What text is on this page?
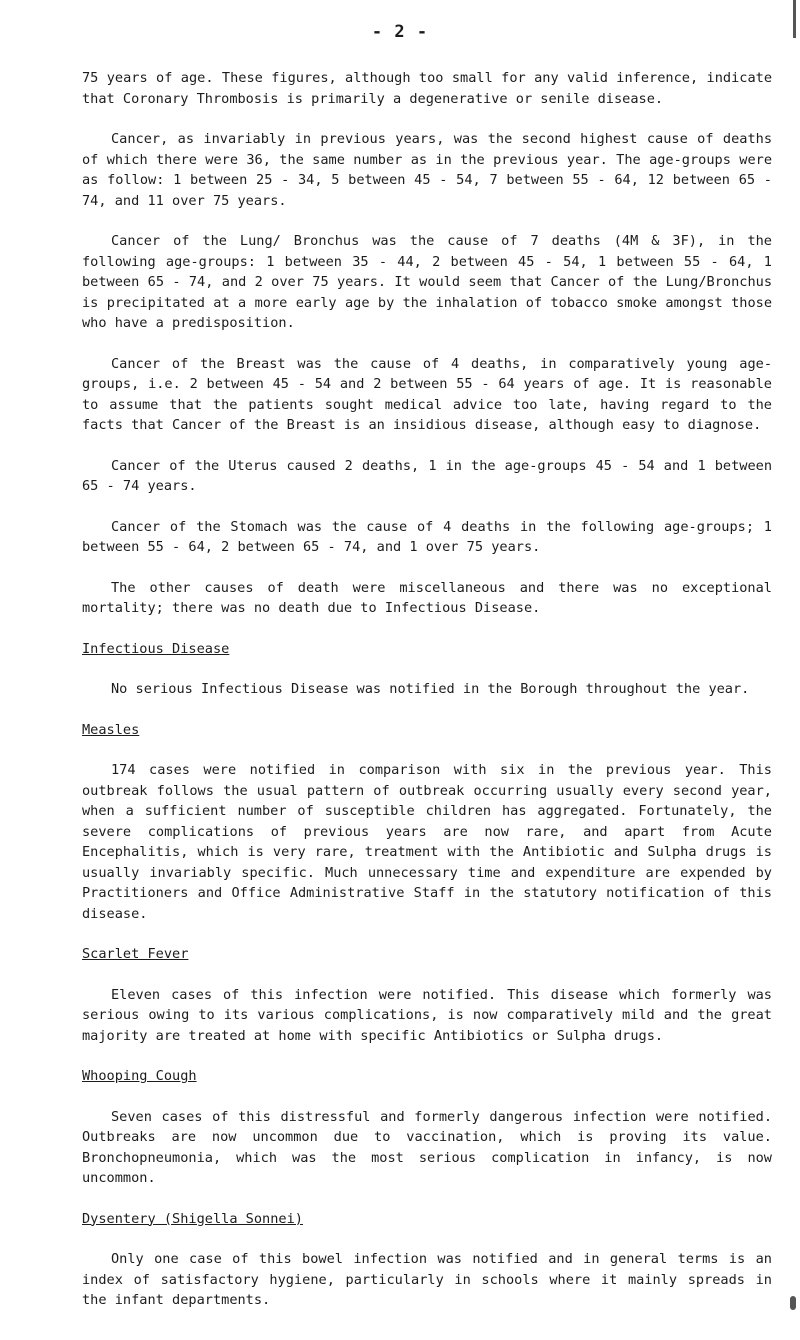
- 2 -

75 years of age. These figures, although too small for any valid inference, indicate that Coronary Thrombosis is primarily a degenerative or senile disease.

Cancer, as invariably in previous years, was the second highest cause of deaths of which there were 36, the same number as in the previous year. The age-groups were as follow: 1 between 25 - 34, 5 between 45 - 54, 7 between 55 - 64, 12 between 65 - 74, and 11 over 75 years.

Cancer of the Lung/ Bronchus was the cause of 7 deaths (4M & 3F), in the following age-groups: 1 between 35 - 44, 2 between 45 - 54, 1 between 55 - 64, 1 between 65 - 74, and 2 over 75 years. It would seem that Cancer of the Lung/Bronchus is precipitated at a more early age by the inhalation of tobacco smoke amongst those who have a predisposition.

Cancer of the Breast was the cause of 4 deaths, in comparatively young age-groups, i.e. 2 between 45 - 54 and 2 between 55 - 64 years of age. It is reasonable to assume that the patients sought medical advice too late, having regard to the facts that Cancer of the Breast is an insidious disease, although easy to diagnose.

Cancer of the Uterus caused 2 deaths, 1 in the age-groups 45 - 54 and 1 between 65 - 74 years.

Cancer of the Stomach was the cause of 4 deaths in the following age-groups; 1 between 55 - 64, 2 between 65 - 74, and 1 over 75 years.

The other causes of death were miscellaneous and there was no exceptional mortality; there was no death due to Infectious Disease.

Infectious Disease

No serious Infectious Disease was notified in the Borough throughout the year.

Measles

174 cases were notified in comparison with six in the previous year. This outbreak follows the usual pattern of outbreak occurring usually every second year, when a sufficient number of susceptible children has aggregated. Fortunately, the severe complications of previous years are now rare, and apart from Acute Encephalitis, which is very rare, treatment with the Antibiotic and Sulpha drugs is usually invariably specific. Much unnecessary time and expenditure are expended by Practitioners and Office Administrative Staff in the statutory notification of this disease.

Scarlet Fever

Eleven cases of this infection were notified. This disease which formerly was serious owing to its various complications, is now comparatively mild and the great majority are treated at home with specific Antibiotics or Sulpha drugs.

Whooping Cough

Seven cases of this distressful and formerly dangerous infection were notified. Outbreaks are now uncommon due to vaccination, which is proving its value. Bronchopneumonia, which was the most serious complication in infancy, is now uncommon.

Dysentery (Shigella Sonnei)

Only one case of this bowel infection was notified and in general terms is an index of satisfactory hygiene, particularly in schools where it mainly spreads in the infant departments.
